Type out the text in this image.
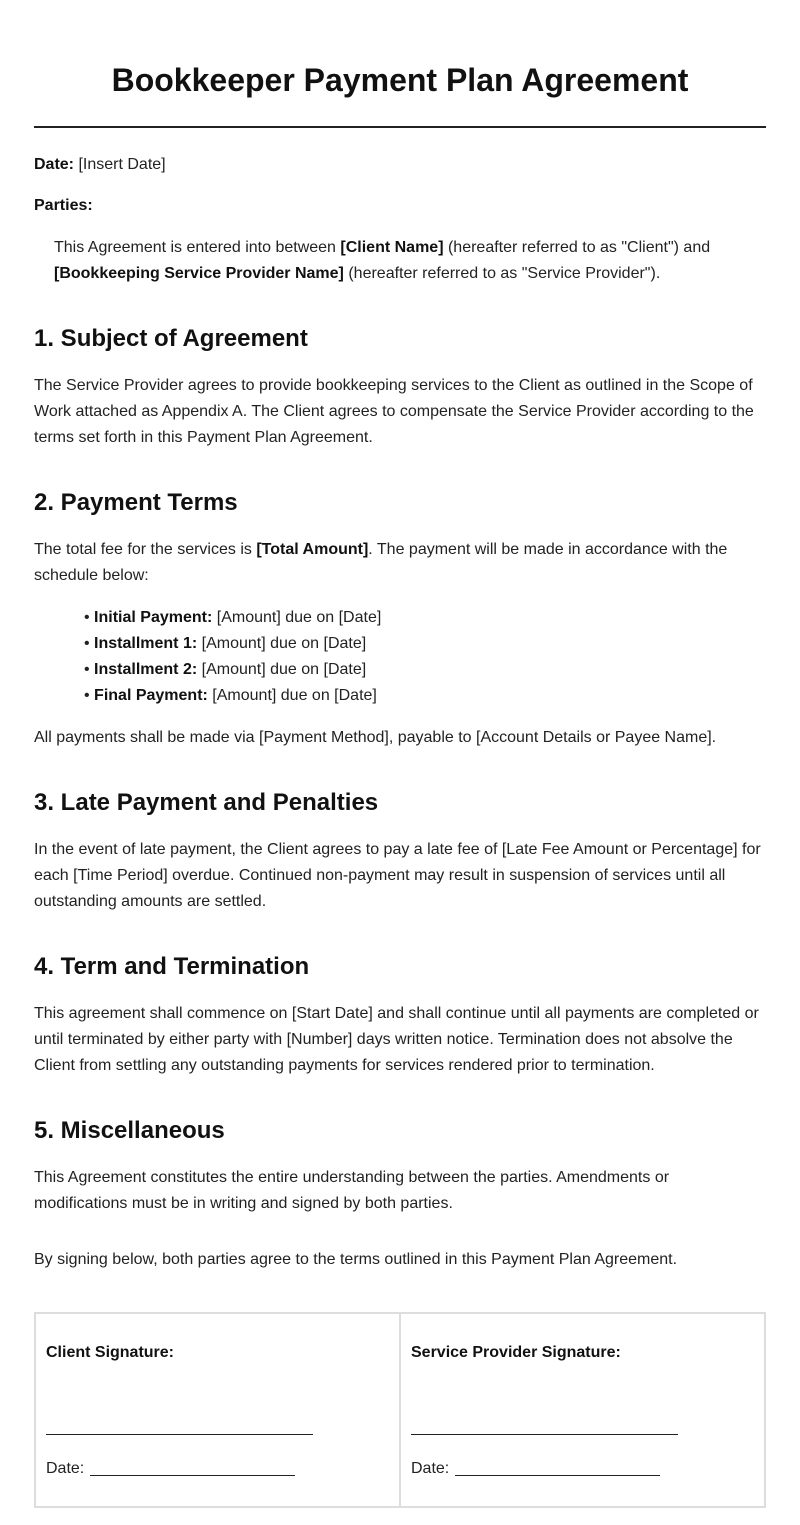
Bookkeeper Payment Plan Agreement
Date: [Insert Date]
Parties:
This Agreement is entered into between [Client Name] (hereafter referred to as "Client") and
[Bookkeeping Service Provider Name] (hereafter referred to as "Service Provider").
1. Subject of Agreement
The Service Provider agrees to provide bookkeeping services to the Client as outlined in the Scope of Work attached as Appendix A. The Client agrees to compensate the Service Provider according to the terms set forth in this Payment Plan Agreement.
2. Payment Terms
The total fee for the services is [Total Amount]. The payment will be made in accordance with the schedule below:
• Initial Payment: [Amount] due on [Date]
• Installment 1: [Amount] due on [Date]
• Installment 2: [Amount] due on [Date]
• Final Payment: [Amount] due on [Date]
All payments shall be made via [Payment Method], payable to [Account Details or Payee Name].
3. Late Payment and Penalties
In the event of late payment, the Client agrees to pay a late fee of [Late Fee Amount or Percentage] for each [Time Period] overdue. Continued non-payment may result in suspension of services until all outstanding amounts are settled.
4. Term and Termination
This agreement shall commence on [Start Date] and shall continue until all payments are completed or until terminated by either party with [Number] days written notice. Termination does not absolve the Client from settling any outstanding payments for services rendered prior to termination.
5. Miscellaneous
This Agreement constitutes the entire understanding between the parties. Amendments or modifications must be in writing and signed by both parties.
By signing below, both parties agree to the terms outlined in this Payment Plan Agreement.
Client Signature:
Date:
Service Provider Signature:
Date:
